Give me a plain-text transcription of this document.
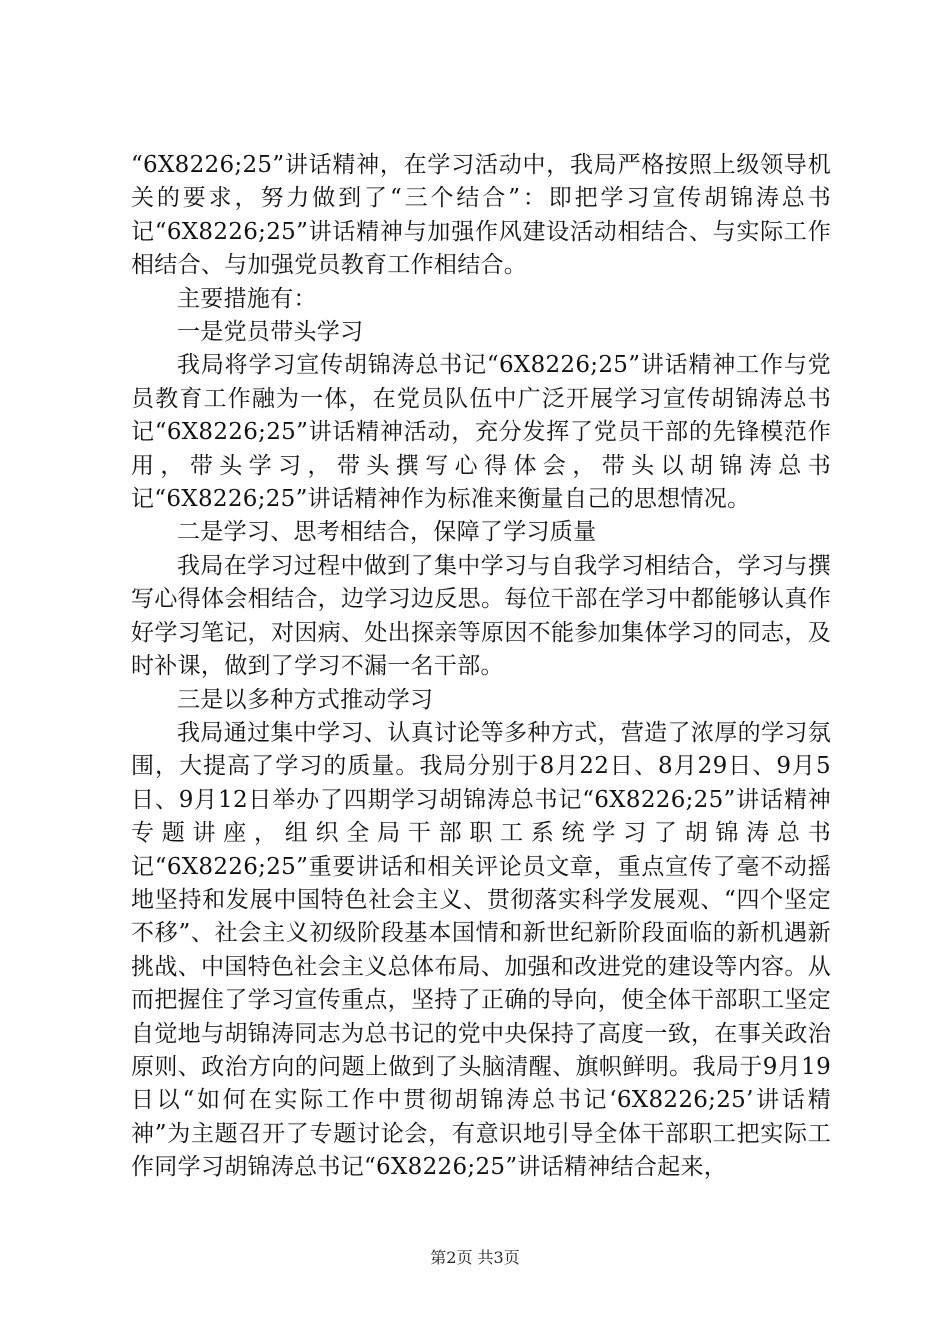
“6X8226;25”讲话精神，在学习活动中，我局严格按照上级领导机关的要求，努力做到了“三个结合”：即把学习宣传胡锦涛总书记“6X8226;25”讲话精神与加强作风建设活动相结合、与实际工作相结合、与加强党员教育工作相结合。

主要措施有：

一是党员带头学习

我局将学习宣传胡锦涛总书记“6X8226;25”讲话精神工作与党员教育工作融为一体，在党员队伍中广泛开展学习宣传胡锦涛总书记“6X8226;25”讲话精神活动，充分发挥了党员干部的先锋模范作用，带头学习，带头撰写心得体会，带头以胡锦涛总书记“6X8226;25”讲话精神作为标准来衡量自己的思想情况。

二是学习、思考相结合，保障了学习质量

我局在学习过程中做到了集中学习与自我学习相结合，学习与撰写心得体会相结合，边学习边反思。每位干部在学习中都能够认真作好学习笔记，对因病、处出探亲等原因不能参加集体学习的同志，及时补课，做到了学习不漏一名干部。

三是以多种方式推动学习

我局通过集中学习、认真讨论等多种方式，营造了浓厚的学习氛围，大提高了学习的质量。我局分别于8月22日、8月29日、9月5日、9月12日举办了四期学习胡锦涛总书记“6X8226;25”讲话精神专题讲座，组织全局干部职工系统学习了胡锦涛总书记“6X8226;25”重要讲话和相关评论员文章，重点宣传了毫不动摇地坚持和发展中国特色社会主义、贯彻落实科学发展观、“四个坚定不移”、社会主义初级阶段基本国情和新世纪新阶段面临的新机遇新挑战、中国特色社会主义总体布局、加强和改进党的建设等内容。从而把握住了学习宣传重点，坚持了正确的导向，使全体干部职工坚定自觉地与胡锦涛同志为总书记的党中央保持了高度一致，在事关政治原则、政治方向的问题上做到了头脑清醒、旗帜鲜明。我局于9月19日以“如何在实际工作中贯彻胡锦涛总书记‘6X8226;25’讲话精神”为主题召开了专题讨论会，有意识地引导全体干部职工把实际工作同学习胡锦涛总书记“6X8226;25”讲话精神结合起来，

第2页 共3页
